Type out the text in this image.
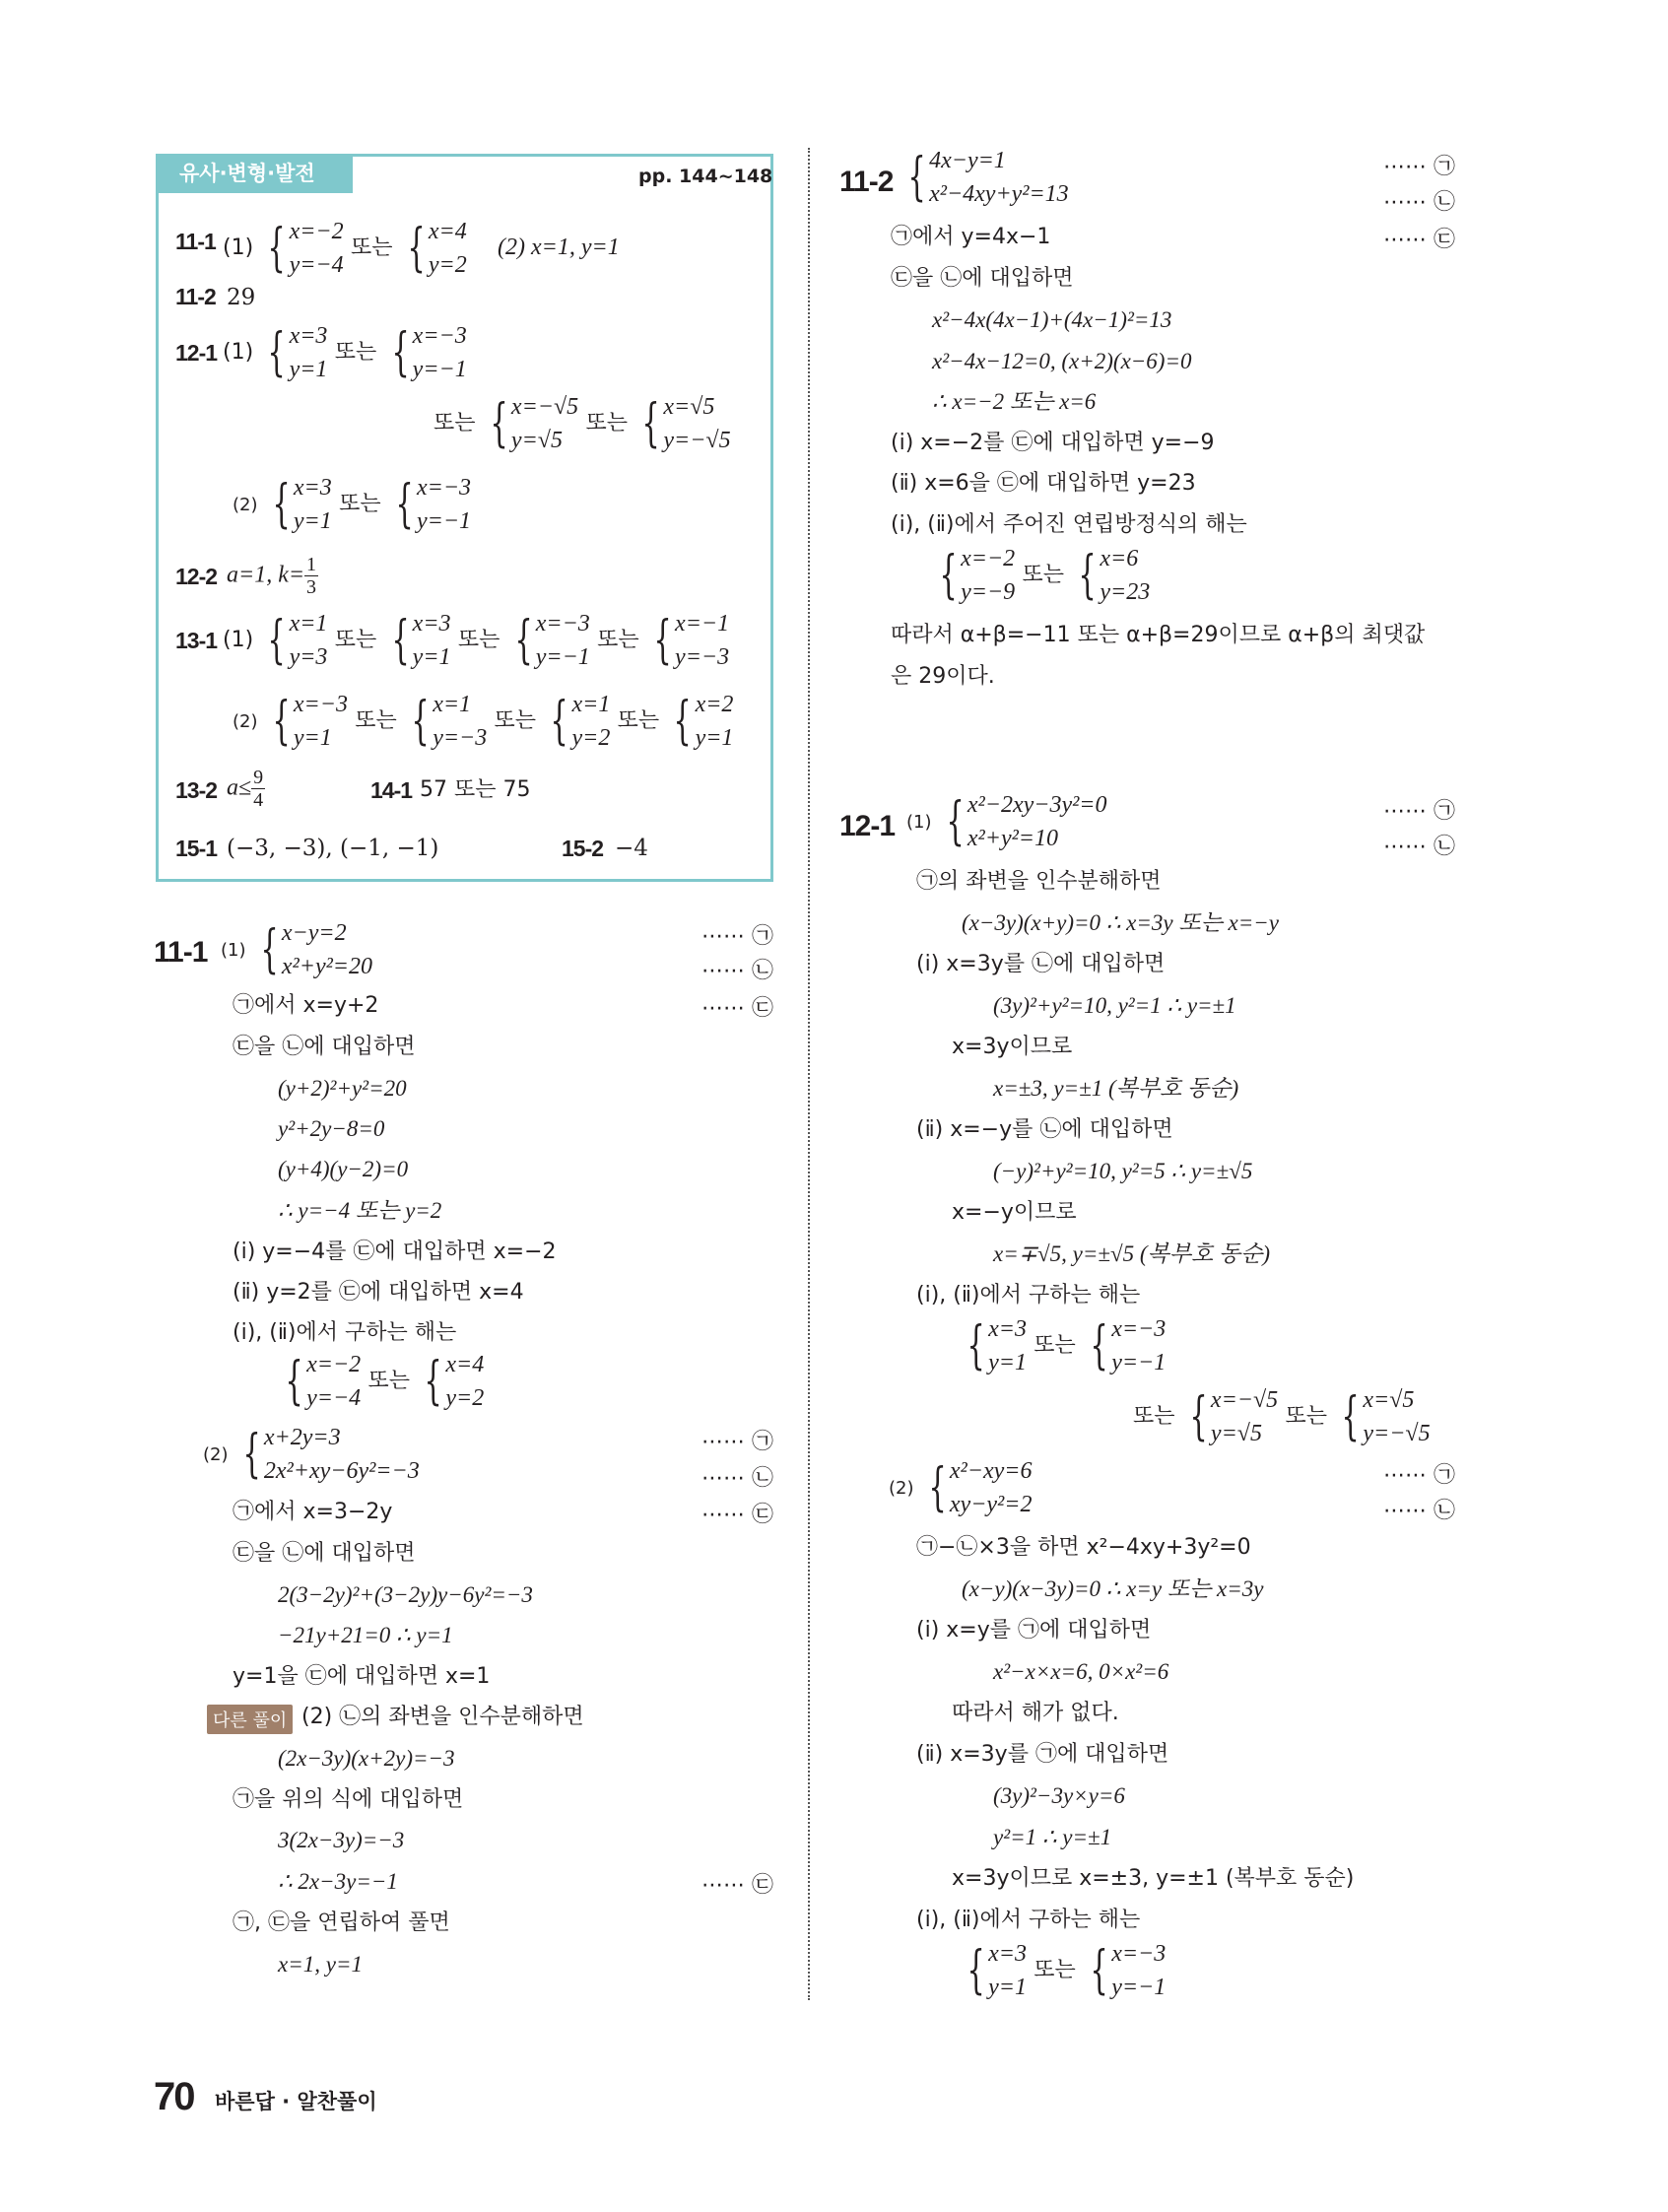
유사·변형·발전	pp. 144~148
11-1 (1) { x=−2
y=−4
또는 { x=4
y=2
(2) x=1, y=1
11-2 29
12-1 (1) { x=3
y=1
또는 { x=−3
y=−1
또는 { x=−√5
y=√5
또는 { x=√5
y=−√5
(2) { x=3
y=1
또는 { x=−3
y=−1
12-2 a=1, $k= \frac{1}{3}$
13-1 (1) { x=1
y=3
또는 { x=3
y=1
또는 { x=−3
y=−1
또는 { x=−1
y=−3
(2) { x=−3
y=1
또는 { x=1
y=−3
또는 { x=1
y=2
또는 { x=2
y=1
13-2 $a\le \frac{9}{4}$	14-1 57 또는 75
15-1 (−3, −3), (−1, −1)	15-2 −4
11-1 (1) { x−y=2
x²+y²=20
⋯⋯ ㉠
⋯⋯ ㉡
⋯⋯ ㉢
㉠에서 x=y+2
㉢을 ㉡에 대입하면
(y+2)²+y²=20
y²+2y−8=0
(y+4)(y−2)=0
∴ y=−4 또는 y=2
(ⅰ) y=−4를 ㉢에 대입하면 x=−2
(ⅱ) y=2를 ㉢에 대입하면 x=4
(ⅰ), (ⅱ)에서 구하는 해는
{ x=−2
y=−4
또는 { x=4
y=2
(2) { x+2y=3
2x²+xy−6y²=−3
⋯⋯ ㉠
⋯⋯ ㉡
⋯⋯ ㉢
㉠에서 x=3−2y
㉢을 ㉡에 대입하면
2(3−2y)²+(3−2y)y−6y²=−3
−21y+21=0 ∴ y=1
y=1을 ㉢에 대입하면 x=1
다른 풀이 (2) ㉡의 좌변을 인수분해하면
(2x−3y)(x+2y)=−3
㉠을 위의 식에 대입하면
3(2x−3y)=−3
∴ 2x−3y=−1	⋯⋯ ㉢
㉠, ㉢을 연립하여 풀면
x=1, y=1
11-2 { 4x−y=1
x²−4xy+y²=13
⋯⋯ ㉠
⋯⋯ ㉡
⋯⋯ ㉢
㉠에서 y=4x−1
㉢을 ㉡에 대입하면
x²−4x(4x−1)+(4x−1)²=13
x²−4x−12=0, (x+2)(x−6)=0
∴ x=−2 또는 x=6
(ⅰ) x=−2를 ㉢에 대입하면 y=−9
(ⅱ) x=6을 ㉢에 대입하면 y=23
(ⅰ), (ⅱ)에서 주어진 연립방정식의 해는
{ x=−2
y=−9
또는 { x=6
y=23
따라서 α+β=−11 또는 α+β=29이므로 α+β의 최댓값
은 29이다.
12-1 (1) { x²−2xy−3y²=0
x²+y²=10
⋯⋯ ㉠
⋯⋯ ㉡
㉠의 좌변을 인수분해하면
(x−3y)(x+y)=0 ∴ x=3y 또는 x=−y
(ⅰ) x=3y를 ㉡에 대입하면
(3y)²+y²=10, y²=1 ∴ y=±1
x=3y이므로
x=±3, y=±1 (복부호 동순)
(ⅱ) x=−y를 ㉡에 대입하면
(−y)²+y²=10, y²=5 ∴ y=±√5
x=−y이므로
x=∓√5, y=±√5 (복부호 동순)
(ⅰ), (ⅱ)에서 구하는 해는
{ x=3
y=1
또는 { x=−3
y=−1
또는 { x=−√5
y=√5
또는 { x=√5
y=−√5
(2) { x²−xy=6
xy−y²=2
⋯⋯ ㉠
⋯⋯ ㉡
㉠−㉡×3을 하면 x²−4xy+3y²=0
(x−y)(x−3y)=0 ∴ x=y 또는 x=3y
(ⅰ) x=y를 ㉠에 대입하면
x²−x×x=6, 0×x²=6
따라서 해가 없다.
(ⅱ) x=3y를 ㉠에 대입하면
(3y)²−3y×y=6
y²=1 ∴ y=±1
x=3y이므로 x=±3, y=±1 (복부호 동순)
(ⅰ), (ⅱ)에서 구하는 해는
{ x=3
y=1
또는 { x=−3
y=−1
70 바른답 · 알찬풀이
